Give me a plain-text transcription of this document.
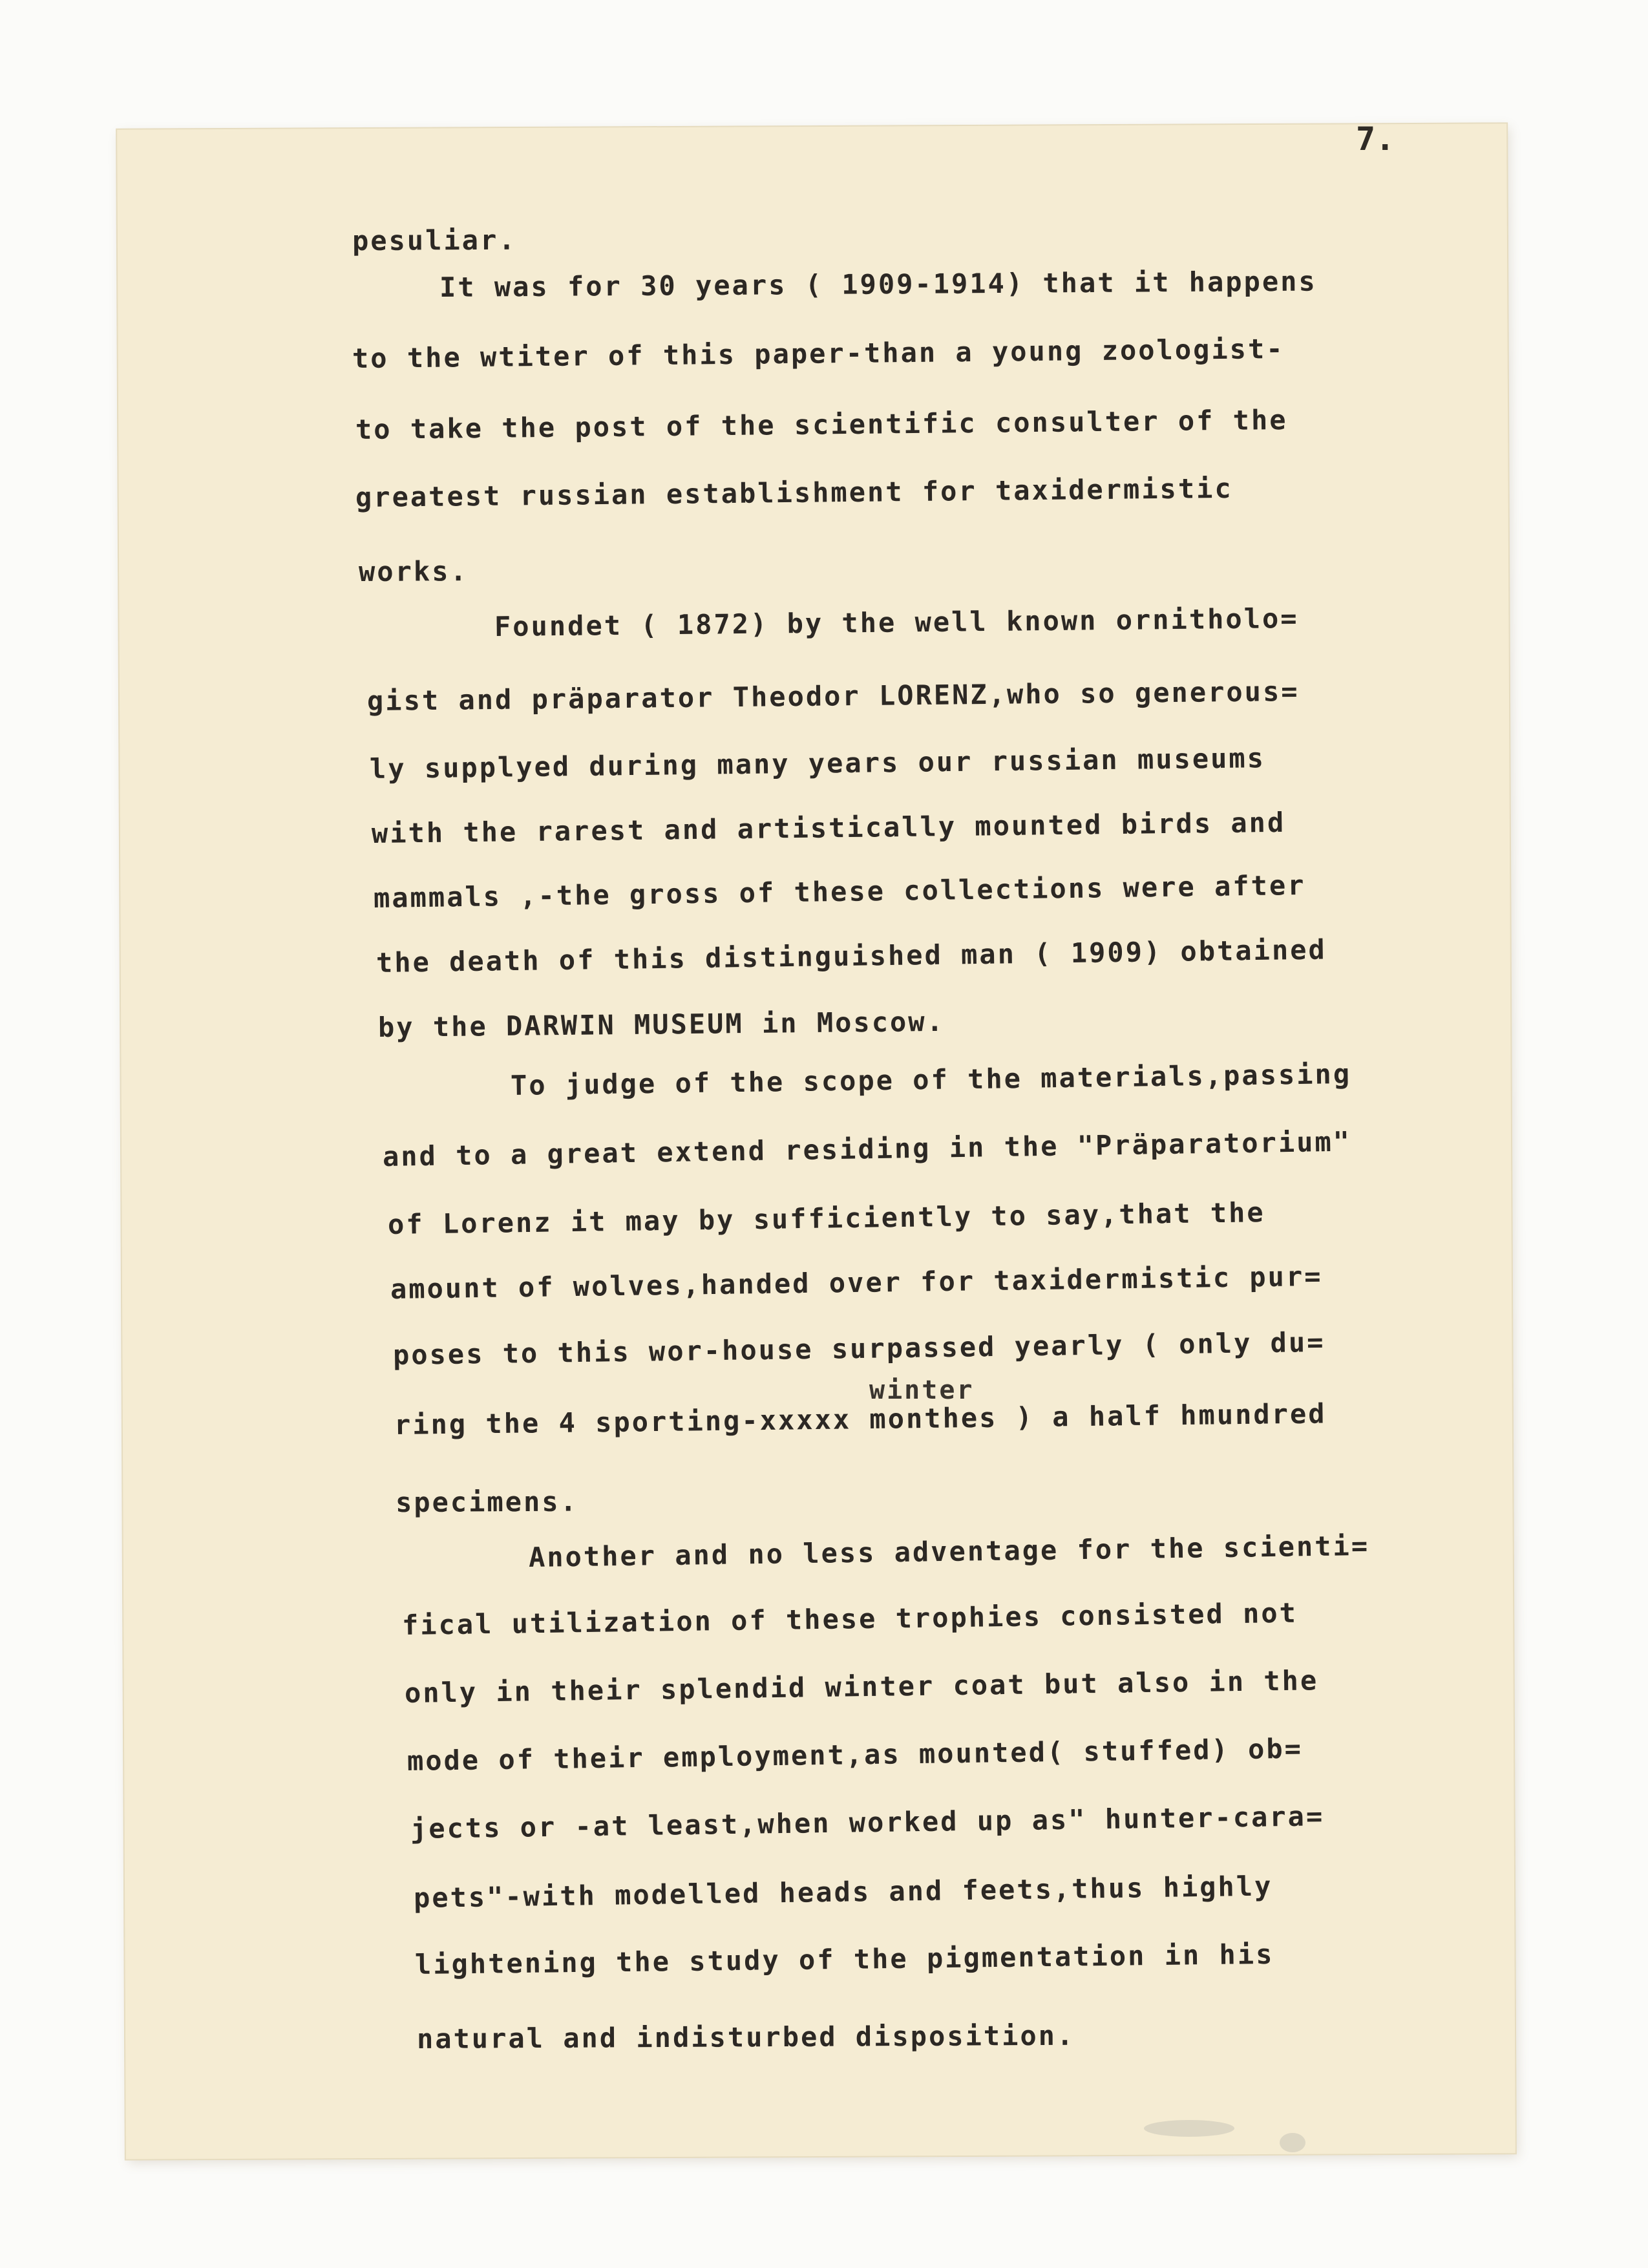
7.

pesuliar.

It was for 30 years ( 1909-1914) that it happens

to the wtiter of this paper-than a young zoologist-

to take the post of the scientific consulter of the

greatest russian establishment for taxidermistic

works.

Foundet ( 1872) by the well known ornitholo=

gist and präparator Theodor LORENZ,who so generous=

ly supplyed during many years our russian museums

with the rarest and artistically mounted birds and

mammals ,-the gross of these collections were after

the death of this distinguished man ( 1909) obtained

by the DARWIN MUSEUM in Moscow.

To judge of the scope of the materials,passing

and to a great extend residing in the "Präparatorium"

of Lorenz it may by sufficiently to say,that the

amount of wolves,handed over for taxidermistic pur=

poses to this wor-house surpassed yearly ( only du=

winter

ring the 4 sporting-xxxxx monthes ) a half hmundred

specimens.

Another and no less adventage for the scienti=

fical utilization of these trophies consisted not

only in their splendid winter coat but also in the

mode of their employment,as mounted( stuffed) ob=

jects or -at least,when worked up as" hunter-cara=

pets"-with modelled heads and feets,thus highly

lightening the study of the pigmentation in his

natural and indisturbed disposition.
